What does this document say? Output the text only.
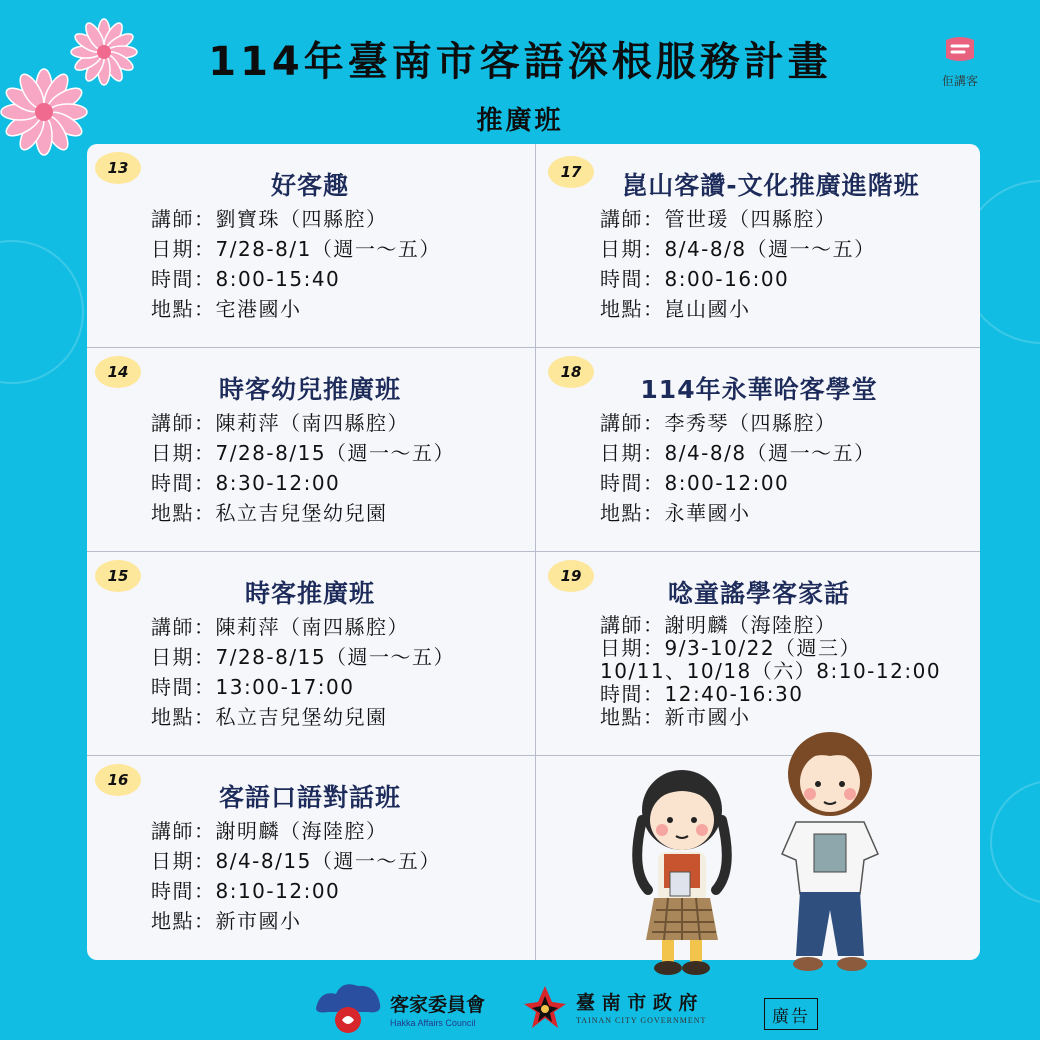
114年臺南市客語深根服務計畫
推廣班
佢講客
13
好客趣
講師：劉寶珠（四縣腔）
日期：7/28-8/1（週一～五）
時間：8:00-15:40
地點：宅港國小
17	崑山客讚-文化推廣進階班
講師：管世瑗（四縣腔）
日期：8/4-8/8（週一～五）
時間：8:00-16:00
地點：崑山國小
14
時客幼兒推廣班
講師：陳莉萍（南四縣腔）
日期：7/28-8/15（週一～五）
時間：8:30-12:00
地點：私立吉兒堡幼兒園
18
114年永華哈客學堂
講師：李秀琴（四縣腔）
日期：8/4-8/8（週一～五）
時間：8:00-12:00
地點：永華國小
15
時客推廣班
講師：陳莉萍（南四縣腔）
日期：7/28-8/15（週一～五）
時間：13:00-17:00
地點：私立吉兒堡幼兒園
19
唸童謠學客家話
講師：謝明麟（海陸腔）
日期：9/3-10/22（週三）
10/11、10/18（六）8:10-12:00
時間：12:40-16:30
地點：新市國小
16
客語口語對話班
講師：謝明麟（海陸腔）
日期：8/4-8/15（週一～五）
時間：8:10-12:00
地點：新市國小
客家委員會
Hakka Affairs Council
臺 南 市 政 府
TAINAN CITY GOVERNMENT	廣告
